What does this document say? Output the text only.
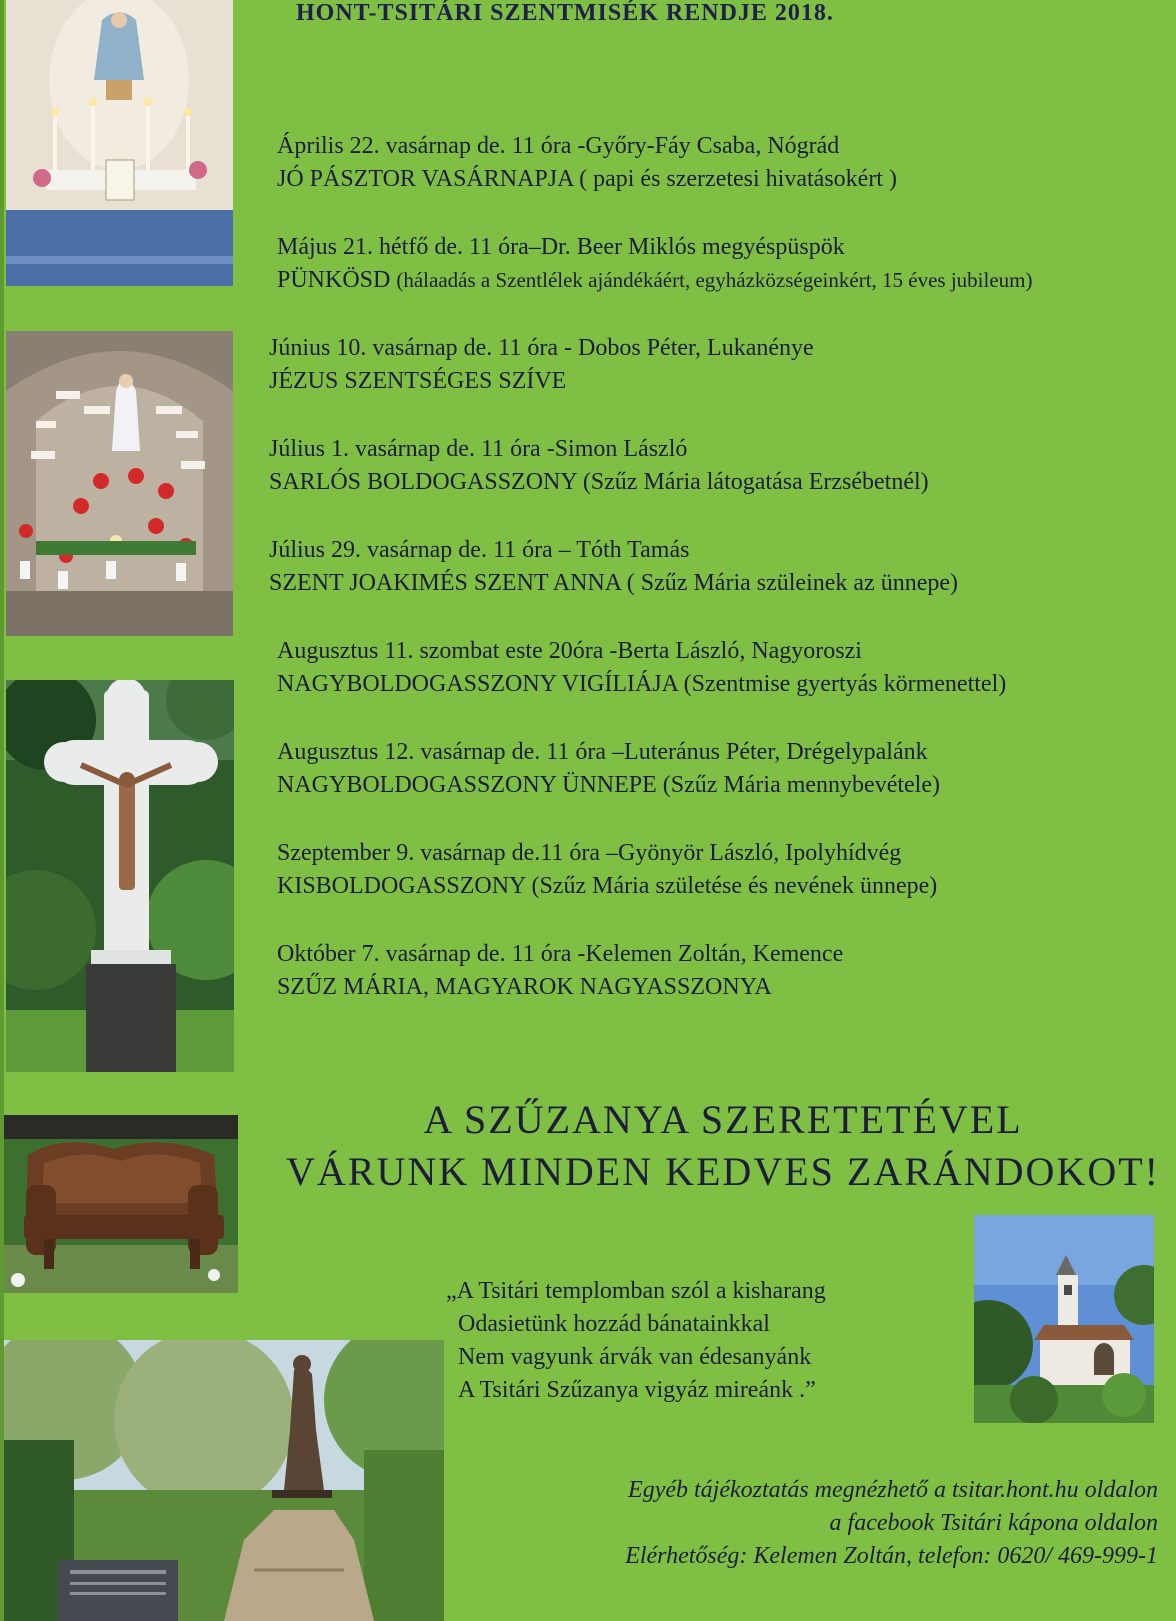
HONT-TSITÁRI SZENTMISÉK RENDJE 2018.
Április 22. vasárnap de. 11 óra -Győry-Fáy Csaba, Nógrád
JÓ PÁSZTOR VASÁRNAPJA ( papi és szerzetesi hivatásokért )
Május 21. hétfő de. 11 óra–Dr. Beer Miklós megyéspüspök
PÜNKÖSD (hálaadás a Szentlélek ajándékáért, egyházközségeinkért, 15 éves jubileum)
Június 10. vasárnap de. 11 óra - Dobos Péter, Lukanénye
JÉZUS SZENTSÉGES SZÍVE
Július 1. vasárnap de. 11 óra -Simon László
SARLÓS BOLDOGASSZONY (Szűz Mária látogatása Erzsébetnél)
Július 29. vasárnap de. 11 óra – Tóth Tamás
SZENT JOAKIMÉS SZENT ANNA ( Szűz Mária szüleinek az ünnepe)
Augusztus 11. szombat este 20óra -Berta László, Nagyoroszi
NAGYBOLDOGASSZONY VIGÍLIÁJA (Szentmise gyertyás körmenettel)
Augusztus 12. vasárnap de. 11 óra –Luteránus Péter, Drégelypalánk
NAGYBOLDOGASSZONY ÜNNEPE (Szűz Mária mennybevétele)
Szeptember 9. vasárnap de.11 óra –Gyönyör László, Ipolyhídvég
KISBOLDOGASSZONY (Szűz Mária születése és nevének ünnepe)
Október 7. vasárnap de. 11 óra -Kelemen Zoltán, Kemence
SZŰZ MÁRIA, MAGYAROK NAGYASSZONYA
A SZŰZANYA SZERETETÉVEL
VÁRUNK MINDEN KEDVES ZARÁNDOKOT!
„A Tsitári templomban szól a kisharang
Odasietünk hozzád bánatainkkal
Nem vagyunk árvák van édesanyánk
A Tsitári Szűzanya vigyáz mireánk .”
Egyéb tájékoztatás megnézhető a tsitar.hont.hu oldalon
a facebook Tsitári kápona oldalon
Elérhetőség: Kelemen Zoltán, telefon: 0620/ 469-999-1
